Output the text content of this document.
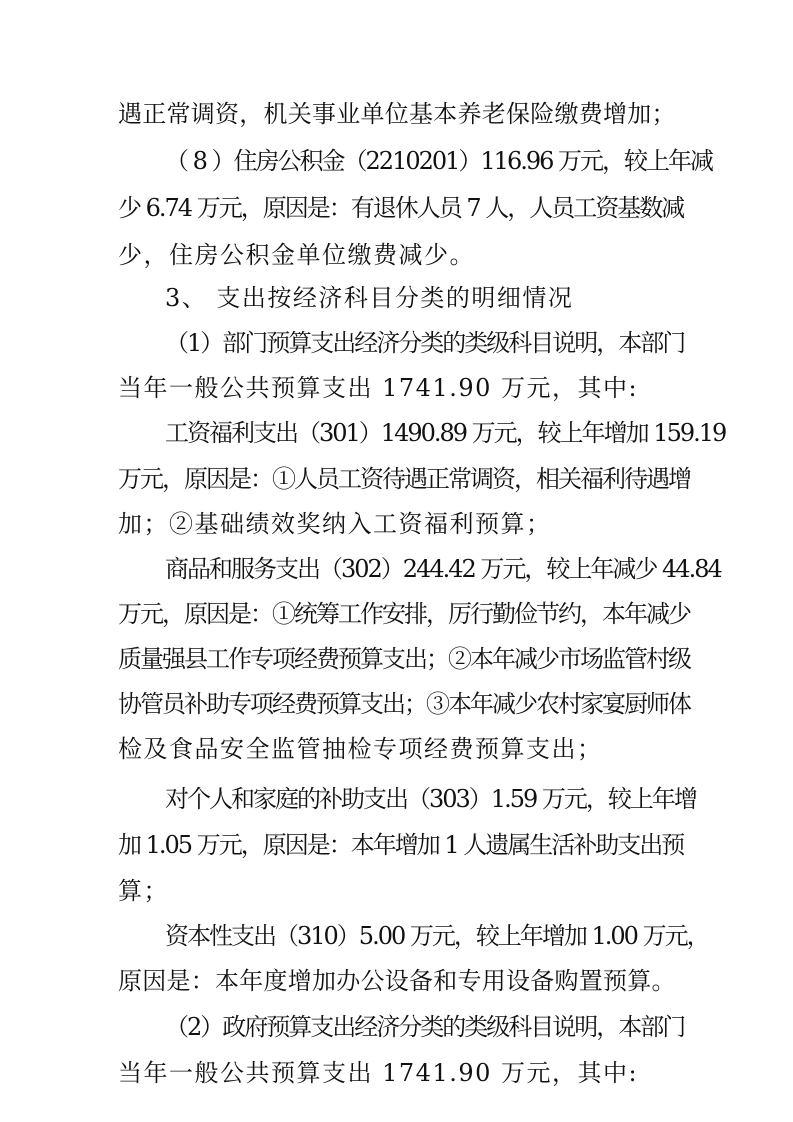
遇正常调资，机关事业单位基本养老保险缴费增加；
（ 8 ）住房公积金（2210201）116.96 万元，较上年减
少 6.74 万元，原因是：有退休人员 7 人，人员工资基数减
少，住房公积金单位缴费减少。
3、 支出按经济科目分类的明细情况
（1）部门预算支出经济分类的类级科目说明，本部门
当年一般公共预算支出 1741.90 万元，其中:
工资福利支出（301）1490.89 万元，较上年增加 159.19
万元，原因是：①人员工资待遇正常调资，相关福利待遇增
加；②基础绩效奖纳入工资福利预算；
商品和服务支出（302）244.42 万元，较上年减少 44.84
万元，原因是：①统筹工作安排，厉行勤俭节约，本年减少
质量强县工作专项经费预算支出；②本年减少市场监管村级
协管员补助专项经费预算支出；③本年减少农村家宴厨师体
检及食品安全监管抽检专项经费预算支出；
对个人和家庭的补助支出（303）1.59 万元，较上年增
加 1.05 万元，原因是：本年增加 1 人遗属生活补助支出预
算；
资本性支出（310）5.00 万元，较上年增加 1.00 万元，
原因是：本年度增加办公设备和专用设备购置预算。
（2）政府预算支出经济分类的类级科目说明，本部门
当年一般公共预算支出 1741.90 万元，其中:
